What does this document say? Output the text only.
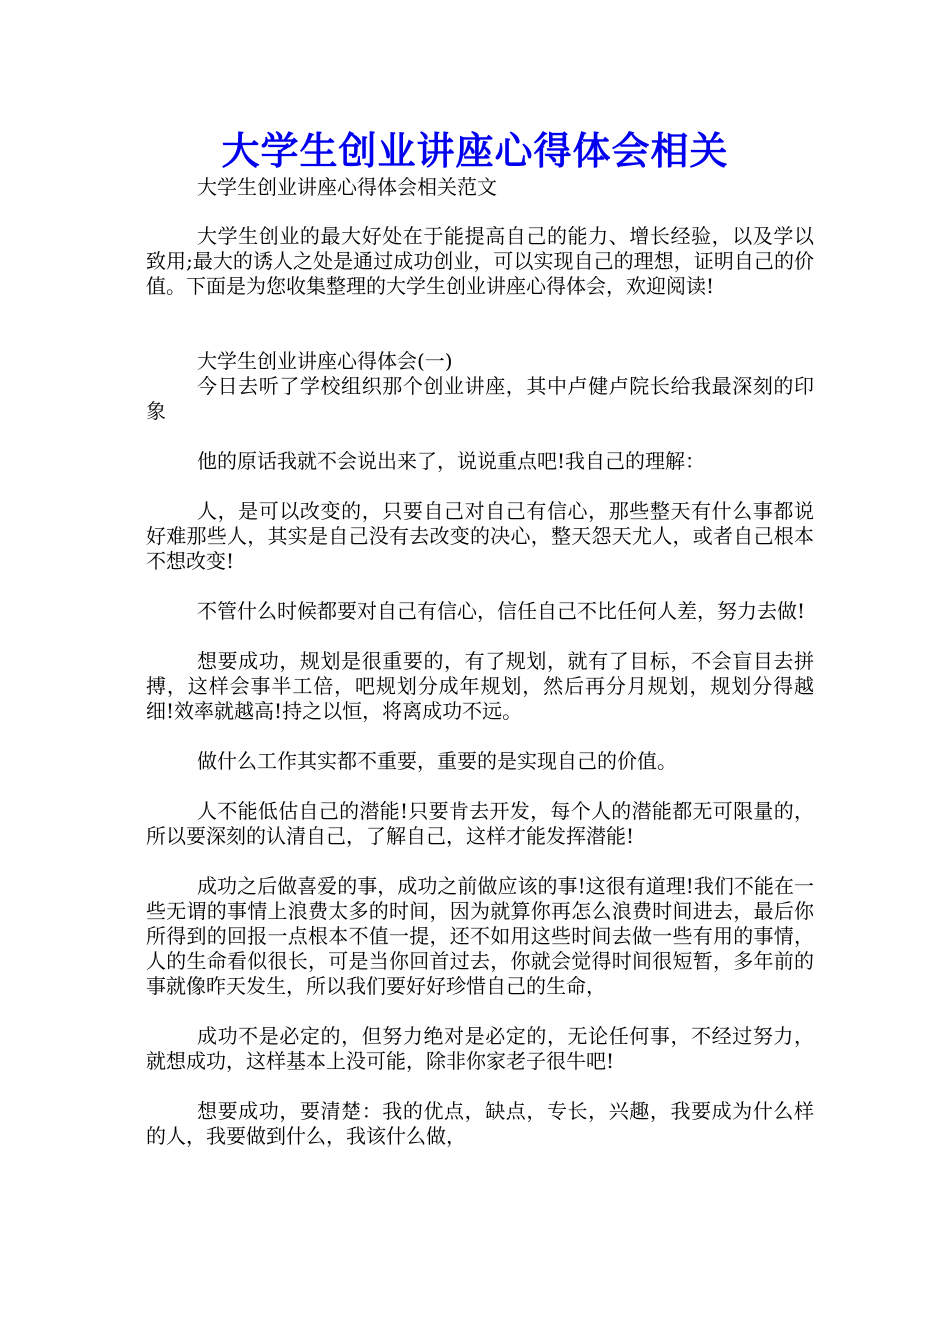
大学生创业讲座心得体会相关

大学生创业讲座心得体会相关范文

大学生创业的最大好处在于能提高自己的能力、增长经验，以及学以致用;最大的诱人之处是通过成功创业，可以实现自己的理想，证明自己的价值。下面是为您收集整理的大学生创业讲座心得体会，欢迎阅读!

大学生创业讲座心得体会(一)

今日去听了学校组织那个创业讲座，其中卢健卢院长给我最深刻的印象

他的原话我就不会说出来了，说说重点吧!我自己的理解：

人，是可以改变的，只要自己对自己有信心，那些整天有什么事都说好难那些人，其实是自己没有去改变的决心，整天怨天尤人，或者自己根本不想改变!

不管什么时候都要对自己有信心，信任自己不比任何人差，努力去做!

想要成功，规划是很重要的，有了规划，就有了目标，不会盲目去拼搏，这样会事半工倍，吧规划分成年规划，然后再分月规划，规划分得越细!效率就越高!持之以恒，将离成功不远。

做什么工作其实都不重要，重要的是实现自己的价值。

人不能低估自己的潜能!只要肯去开发，每个人的潜能都无可限量的，所以要深刻的认清自己，了解自己，这样才能发挥潜能!

成功之后做喜爱的事，成功之前做应该的事!这很有道理!我们不能在一些无谓的事情上浪费太多的时间，因为就算你再怎么浪费时间进去，最后你所得到的回报一点根本不值一提，还不如用这些时间去做一些有用的事情，人的生命看似很长，可是当你回首过去，你就会觉得时间很短暂，多年前的事就像昨天发生，所以我们要好好珍惜自己的生命，

成功不是必定的，但努力绝对是必定的，无论任何事，不经过努力，就想成功，这样基本上没可能，除非你家老子很牛吧!

想要成功，要清楚：我的优点，缺点，专长，兴趣，我要成为什么样的人，我要做到什么，我该什么做，
